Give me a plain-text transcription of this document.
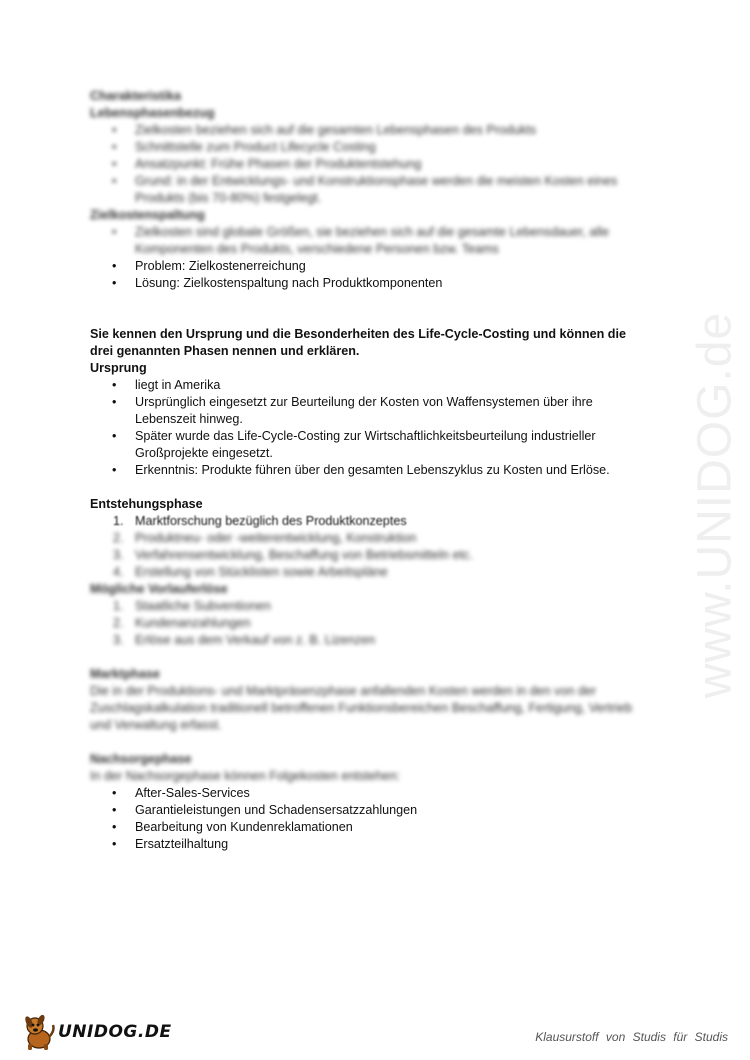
www.UNIDOG.de

Charakteristika

Lebensphasenbezug

• Zielkosten beziehen sich auf die gesamten Lebensphasen des Produkts
• Schnittstelle zum Product Lifecycle Costing
• Ansatzpunkt: Frühe Phasen der Produktentstehung
• Grund: in der Entwicklungs- und Konstruktionsphase werden die meisten Kosten eines Produkts (bis 70-80%) festgelegt.

Zielkostenspaltung

• Zielkosten sind globale Größen, sie beziehen sich auf die gesamte Lebensdauer, alle Komponenten des Produkts, verschiedene Personen bzw. Teams
• Problem: Zielkostenerreichung
• Lösung: Zielkostenspaltung nach Produktkomponenten

Sie kennen den Ursprung und die Besonderheiten des Life-Cycle-Costing und können die drei genannten Phasen nennen und erklären.

Ursprung

• liegt in Amerika
• Ursprünglich eingesetzt zur Beurteilung der Kosten von Waffensystemen über ihre Lebenszeit hinweg.
• Später wurde das Life-Cycle-Costing zur Wirtschaftlichkeitsbeurteilung industrieller Großprojekte eingesetzt.
• Erkenntnis: Produkte führen über den gesamten Lebenszyklus zu Kosten und Erlöse.

Entstehungsphase

1. Marktforschung bezüglich des Produktkonzeptes
2. Produktneu- oder -weiterentwicklung, Konstruktion
3. Verfahrensentwicklung, Beschaffung von Betriebsmitteln etc.
4. Erstellung von Stücklisten sowie Arbeitspläne

Mögliche Vorlauferlöse

1. Staatliche Subventionen
2. Kundenanzahlungen
3. Erlöse aus dem Verkauf von z. B. Lizenzen

Marktphase

Die in der Produktions- und Marktpräsenzphase anfallenden Kosten werden in den von der Zuschlagskalkulation traditionell betroffenen Funktionsbereichen Beschaffung, Fertigung, Vertrieb und Verwaltung erfasst.

Nachsorgephase

In der Nachsorgephase können Folgekosten entstehen:

• After-Sales-Services
• Garantieleistungen und Schadensersatzzahlungen
• Bearbeitung von Kundenreklamationen
• Ersatzteilhaltung
UNIDOG.DE	Klausurstoff von Studis für Studis
